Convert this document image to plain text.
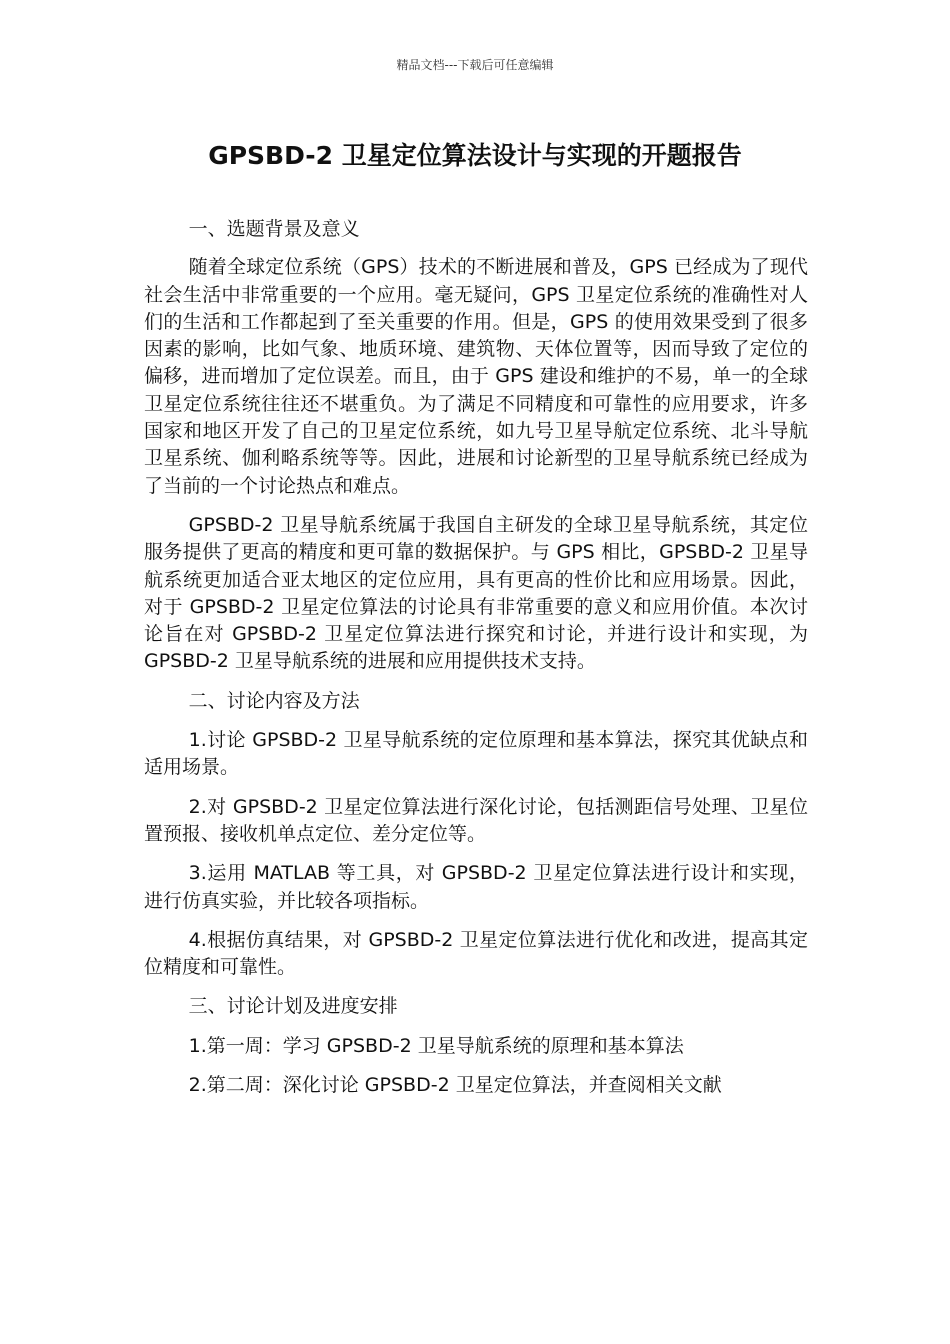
精品文档---下载后可任意编辑
GPSBD-2 卫星定位算法设计与实现的开题报告

一、选题背景及意义

随着全球定位系统（GPS）技术的不断进展和普及，GPS 已经成为了现代社会生活中非常重要的一个应用。毫无疑问，GPS 卫星定位系统的准确性对人们的生活和工作都起到了至关重要的作用。但是，GPS 的使用效果受到了很多因素的影响，比如气象、地质环境、建筑物、天体位置等，因而导致了定位的偏移，进而增加了定位误差。而且，由于 GPS 建设和维护的不易，单一的全球卫星定位系统往往还不堪重负。为了满足不同精度和可靠性的应用要求，许多国家和地区开发了自己的卫星定位系统，如九号卫星导航定位系统、北斗导航卫星系统、伽利略系统等等。因此，进展和讨论新型的卫星导航系统已经成为了当前的一个讨论热点和难点。

GPSBD-2 卫星导航系统属于我国自主研发的全球卫星导航系统，其定位服务提供了更高的精度和更可靠的数据保护。与 GPS 相比，GPSBD-2 卫星导航系统更加适合亚太地区的定位应用，具有更高的性价比和应用场景。因此，对于 GPSBD-2 卫星定位算法的讨论具有非常重要的意义和应用价值。本次讨论旨在对 GPSBD-2 卫星定位算法进行探究和讨论，并进行设计和实现，为 GPSBD-2 卫星导航系统的进展和应用提供技术支持。

二、讨论内容及方法

1.讨论 GPSBD-2 卫星导航系统的定位原理和基本算法，探究其优缺点和适用场景。

2.对 GPSBD-2 卫星定位算法进行深化讨论，包括测距信号处理、卫星位置预报、接收机单点定位、差分定位等。

3.运用 MATLAB 等工具，对 GPSBD-2 卫星定位算法进行设计和实现，进行仿真实验，并比较各项指标。

4.根据仿真结果，对 GPSBD-2 卫星定位算法进行优化和改进，提高其定位精度和可靠性。

三、讨论计划及进度安排

1.第一周：学习 GPSBD-2 卫星导航系统的原理和基本算法

2.第二周：深化讨论 GPSBD-2 卫星定位算法，并查阅相关文献
